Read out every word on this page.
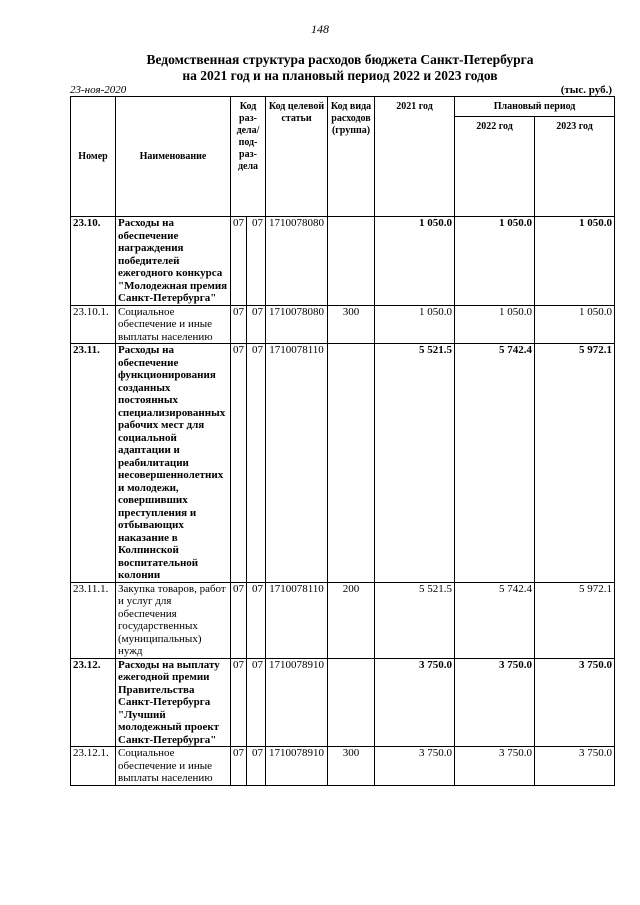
148
Ведомственная структура расходов бюджета Санкт-Петербурга
на 2021 год и на плановый период 2022 и 2023 годов
23-ноя-2020	(тыс. руб.)
Номер	Наименование	Код раз-дела/ под-раз-дела		Код целевой статьи	Код вида расходов (группа)	2021 год	Плановый период	
							2022 год	2023 год
23.10.	Расходы на обеспечение награждения победителей ежегодного конкурса "Молодежная премия Санкт-Петербурга"	07	07	1710078080		1 050.0	1 050.0	1 050.0
23.10.1.	Социальное обеспечение и иные выплаты населению	07	07	1710078080	300	1 050.0	1 050.0	1 050.0
23.11.	Расходы на обеспечение функционирования созданных постоянных специализированных рабочих мест для социальной адаптации и реабилитации несовершеннолетних и молодежи, совершивших преступления и отбывающих наказание в Колпинской воспитательной колонии	07	07	1710078110		5 521.5	5 742.4	5 972.1
23.11.1.	Закупка товаров, работ и услуг для обеспечения государственных (муниципальных) нужд	07	07	1710078110	200	5 521.5	5 742.4	5 972.1
23.12.	Расходы на выплату ежегодной премии Правительства Санкт-Петербурга "Лучший молодежный проект Санкт-Петербурга"	07	07	1710078910		3 750.0	3 750.0	3 750.0
23.12.1.	Социальное обеспечение и иные выплаты населению	07	07	1710078910	300	3 750.0	3 750.0	3 750.0
